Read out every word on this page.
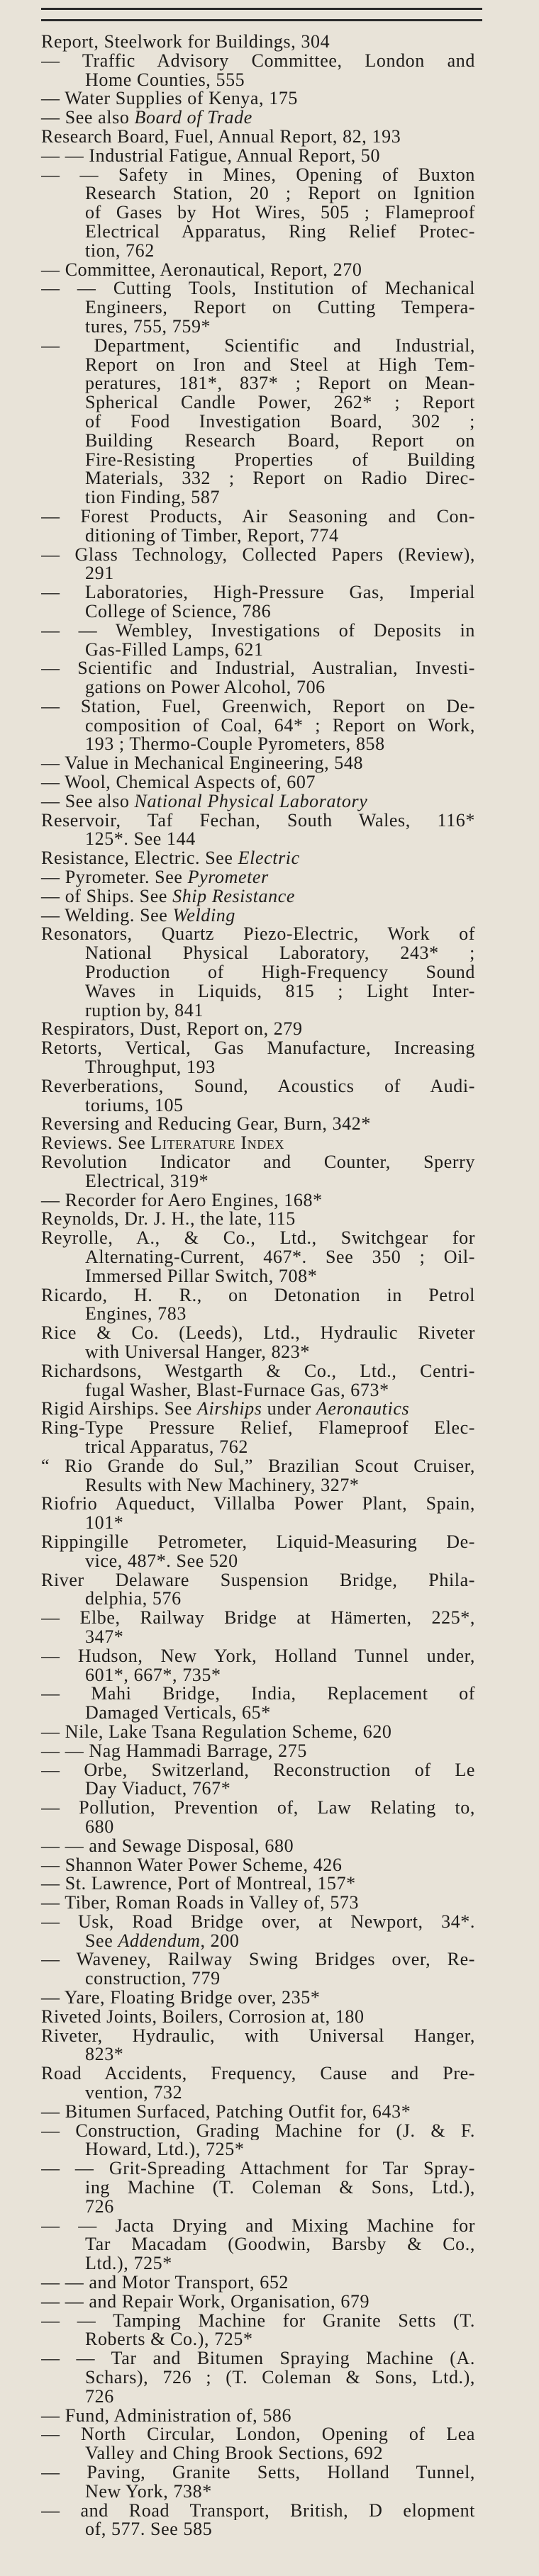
Report, Steelwork for Buildings, 304
— Traffic Advisory Committee, London and
Home Counties, 555
— Water Supplies of Kenya, 175
— See also Board of Trade
Research Board, Fuel, Annual Report, 82, 193
— — Industrial Fatigue, Annual Report, 50
— — Safety in Mines, Opening of Buxton
Research Station, 20 ; Report on Ignition
of Gases by Hot Wires, 505 ; Flameproof
Electrical Apparatus, Ring Relief Protec-
tion, 762
— Committee, Aeronautical, Report, 270
— — Cutting Tools, Institution of Mechanical
Engineers, Report on Cutting Tempera-
tures, 755, 759*
— Department, Scientific and Industrial,
Report on Iron and Steel at High Tem-
peratures, 181*, 837* ; Report on Mean-
Spherical Candle Power, 262* ; Report
of Food Investigation Board, 302 ;
Building Research Board, Report on
Fire-Resisting Properties of Building
Materials, 332 ; Report on Radio Direc-
tion Finding, 587
— Forest Products, Air Seasoning and Con-
ditioning of Timber, Report, 774
— Glass Technology, Collected Papers (Review),
291
— Laboratories, High-Pressure Gas, Imperial
College of Science, 786
— — Wembley, Investigations of Deposits in
Gas-Filled Lamps, 621
— Scientific and Industrial, Australian, Investi-
gations on Power Alcohol, 706
— Station, Fuel, Greenwich, Report on De-
composition of Coal, 64* ; Report on Work,
193 ; Thermo-Couple Pyrometers, 858
— Value in Mechanical Engineering, 548
— Wool, Chemical Aspects of, 607
— See also National Physical Laboratory
Reservoir, Taf Fechan, South Wales, 116*
125*. See 144
Resistance, Electric. See Electric
— Pyrometer. See Pyrometer
— of Ships. See Ship Resistance
— Welding. See Welding
Resonators, Quartz Piezo-Electric, Work of
National Physical Laboratory, 243* ;
Production of High-Frequency Sound
Waves in Liquids, 815 ; Light Inter-
ruption by, 841
Respirators, Dust, Report on, 279
Retorts, Vertical, Gas Manufacture, Increasing
Throughput, 193
Reverberations, Sound, Acoustics of Audi-
toriums, 105
Reversing and Reducing Gear, Burn, 342*
Reviews. See Literature Index
Revolution Indicator and Counter, Sperry
Electrical, 319*
— Recorder for Aero Engines, 168*
Reynolds, Dr. J. H., the late, 115
Reyrolle, A., & Co., Ltd., Switchgear for
Alternating-Current, 467*. See 350 ; Oil-
Immersed Pillar Switch, 708*
Ricardo, H. R., on Detonation in Petrol
Engines, 783
Rice & Co. (Leeds), Ltd., Hydraulic Riveter
with Universal Hanger, 823*
Richardsons, Westgarth & Co., Ltd., Centri-
fugal Washer, Blast-Furnace Gas, 673*
Rigid Airships. See Airships under Aeronautics
Ring-Type Pressure Relief, Flameproof Elec-
trical Apparatus, 762
“ Rio Grande do Sul,” Brazilian Scout Cruiser,
Results with New Machinery, 327*
Riofrio Aqueduct, Villalba Power Plant, Spain,
101*
Rippingille Petrometer, Liquid-Measuring De-
vice, 487*. See 520
River Delaware Suspension Bridge, Phila-
delphia, 576
— Elbe, Railway Bridge at Hämerten, 225*,
347*
— Hudson, New York, Holland Tunnel under,
601*, 667*, 735*
— Mahi Bridge, India, Replacement of
Damaged Verticals, 65*
— Nile, Lake Tsana Regulation Scheme, 620
— — Nag Hammadi Barrage, 275
— Orbe, Switzerland, Reconstruction of Le
Day Viaduct, 767*
— Pollution, Prevention of, Law Relating to,
680
— — and Sewage Disposal, 680
— Shannon Water Power Scheme, 426
— St. Lawrence, Port of Montreal, 157*
— Tiber, Roman Roads in Valley of, 573
— Usk, Road Bridge over, at Newport, 34*.
See Addendum, 200
— Waveney, Railway Swing Bridges over, Re-
construction, 779
— Yare, Floating Bridge over, 235*
Riveted Joints, Boilers, Corrosion at, 180
Riveter, Hydraulic, with Universal Hanger,
823*
Road Accidents, Frequency, Cause and Pre-
vention, 732
— Bitumen Surfaced, Patching Outfit for, 643*
— Construction, Grading Machine for (J. & F.
Howard, Ltd.), 725*
— — Grit-Spreading Attachment for Tar Spray-
ing Machine (T. Coleman & Sons, Ltd.),
726
— — Jacta Drying and Mixing Machine for
Tar Macadam (Goodwin, Barsby & Co.,
Ltd.), 725*
— — and Motor Transport, 652
— — and Repair Work, Organisation, 679
— — Tamping Machine for Granite Setts (T.
Roberts & Co.), 725*
— — Tar and Bitumen Spraying Machine (A.
Schars), 726 ; (T. Coleman & Sons, Ltd.),
726
— Fund, Administration of, 586
— North Circular, London, Opening of Lea
Valley and Ching Brook Sections, 692
— Paving, Granite Setts, Holland Tunnel,
New York, 738*
— and Road Transport, British, D elopment
of, 577. See 585
